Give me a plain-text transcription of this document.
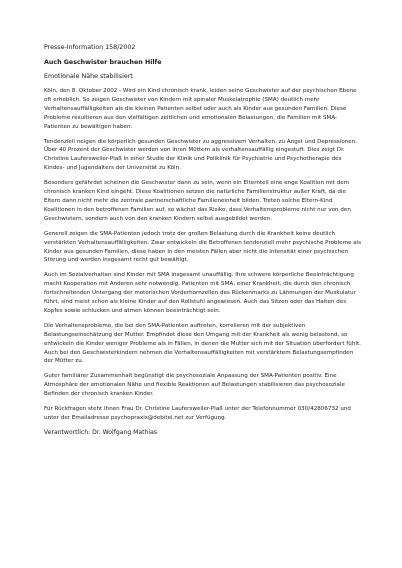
Presse-Information 158/2002

Auch Geschwister brauchen Hilfe

Emotionale Nähe stabilisiert

Köln, den 8. Oktober 2002 - Wird ein Kind chronisch krank, leiden seine Geschwister auf der psychischen Ebene oft erheblich. So zeigen Geschwister von Kindern mit spinaler Muskelatrophie (SMA) deutlich mehr Verhaltensauffälligkeiten als die kleinen Patienten selbst oder auch als Kinder aus gesunden Familien. Diese Probleme resultieren aus den vielfältigen zeitlichen und emotionalen Belastungen, die Familien mit SMA-Patienten zu bewältigen haben.

Tendenziell neigen die körperlich gesunden Geschwister zu aggressivem Verhalten, zu Angst und Depressionen. Über 40 Prozent der Geschwister werden von ihren Müttern als verhaltensauffällig eingestuft. Dies zeigt Dr. Christine Laufersweiler-Plaß in einer Studie der Klinik und Poliklinik für Psychiatrie und Psychotherapie des Kindes- und Jugendalters der Universität zu Köln.

Besonders gefährdet scheinen die Geschwister dann zu sein, wenn ein Elternteil eine enge Koalition mit dem chronisch kranken Kind eingeht. Diese Koalitionen setzen die natürliche Familienstruktur außer Kraft, da die Eltern dann nicht mehr die zentrale partnerschaftliche Familieneinheit bilden. Treten solche Eltern-Kind Koalitionen in den betroffenen Familien auf, so wächst das Risiko, dass Verhaltensprobleme nicht nur von den Geschwistern, sondern auch von den kranken Kindern selbst ausgebildet werden.

Generell zeigen die SMA-Patienten jedoch trotz der großen Belastung durch die Krankheit keine deutlich verstärkten Verhaltensauffälligkeiten. Zwar entwickeln die Betroffenen tendenziell mehr psychische Probleme als Kinder aus gesunden Familien, diese haben in den meisten Fällen aber nicht die Intensität einer psychischen Störung und werden insgesamt recht gut bewältigt.

Auch im Sozialverhalten sind Kinder mit SMA insgesamt unauffällig. Ihre schwere körperliche Beeinträchtigung macht Kooperation mit Anderen sehr notwendig. Patienten mit SMA, einer Krankheit, die durch den chronisch fortschreitenden Untergang der motorischen Vorderhornzellen des Rückenmarks zu Lähmungen der Muskulatur führt, sind meist schon als kleine Kinder auf den Rollstuhl angewiesen. Auch das Sitzen oder das Halten des Kopfes sowie schlucken und atmen können beeinträchtigt sein.

Die Verhaltensprobleme, die bei den SMA-Patienten auftreten, korrelieren mit der subjektiven Belastungseinschätzung der Mutter. Empfindet diese den Umgang mit der Krankheit als wenig belastend, so entwickeln die Kinder weniger Probleme als in Fällen, in denen die Mutter sich mit der Situation überfordert fühlt. Auch bei den Geschwisterkindern nehmen die Verhaltensauffälligkeiten mit verstärktem Belastungsempfinden der Mütter zu.

Guter familiärer Zusammenhalt begünstigt die psychosoziale Anpassung der SMA-Patienten positiv. Eine Atmosphäre der emotionalen Nähe und flexible Reaktionen auf Belastungen stabilisieren das psychosoziale Befinden der chronisch kranken Kinder.

Für Rückfragen steht Ihnen Frau Dr. Christine Laufersweiler-Plaß unter der Telefonnummer 030/42806732 und unter der Emailadresse psychopraxis@debitel.net zur Verfügung.

Verantwortlich: Dr. Wolfgang Mathias
